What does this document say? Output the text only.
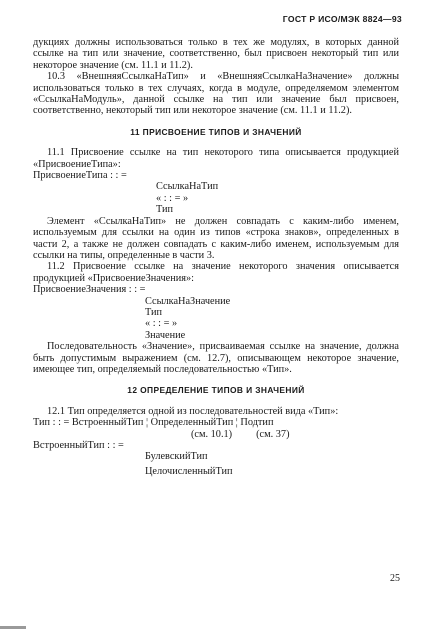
ГОСТ Р ИСО/МЭК 8824—93

дукциях должны использоваться только в тех же модулях, в которых данной ссылке на тип или значение, соответственно, был присвоен некоторый тип или некоторое значение (см. 11.1 и 11.2).

10.3 «ВнешняяСсылкаНаТип» и «ВнешняяСсылкаНаЗначение» должны использоваться только в тех случаях, когда в модуле, определяемом элементом «СсылкаНаМодуль», данной ссылке на тип или значение был присвоен, соответственно, некоторый тип или некоторое значение (см. 11.1 и 11.2).

11 ПРИСВОЕНИЕ ТИПОВ И ЗНАЧЕНИЙ

11.1 Присвоение ссылке на тип некоторого типа описывается продукцией «ПрисвоениеТипа»:

ПрисвоениеТипа : : =

СсылкаНаТип

« : : = »

Тип

Элемент «СсылкаНаТип» не должен совпадать с каким-либо именем, используемым для ссылки на один из типов «строка знаков», определенных в части 2, а также не должен совпадать с каким-либо именем, используемым для ссылки на типы, определенные в части 3.

11.2 Присвоение ссылке на значение некоторого значения описывается продукцией «ПрисвоениеЗначения»:

ПрисвоениеЗначения : : =

СсылкаНаЗначение

Тип

« : : = »

Значение

Последовательность «Значение», присваиваемая ссылке на значение, должна быть допустимым выражением (см. 12.7), описывающем некоторое значение, имеющее тип, определяемый последовательностью «Тип».

12 ОПРЕДЕЛЕНИЕ ТИПОВ И ЗНАЧЕНИЙ

12.1 Тип определяется одной из последовательностей вида «Тип»:

Тип : : = ВстроенныйТип ¦ ОпределенныйТип ¦ Подтип

(см. 10.1)	(см. 37)

ВстроенныйТип : : =

БулевскийТип

ЦелочисленныйТип

25
